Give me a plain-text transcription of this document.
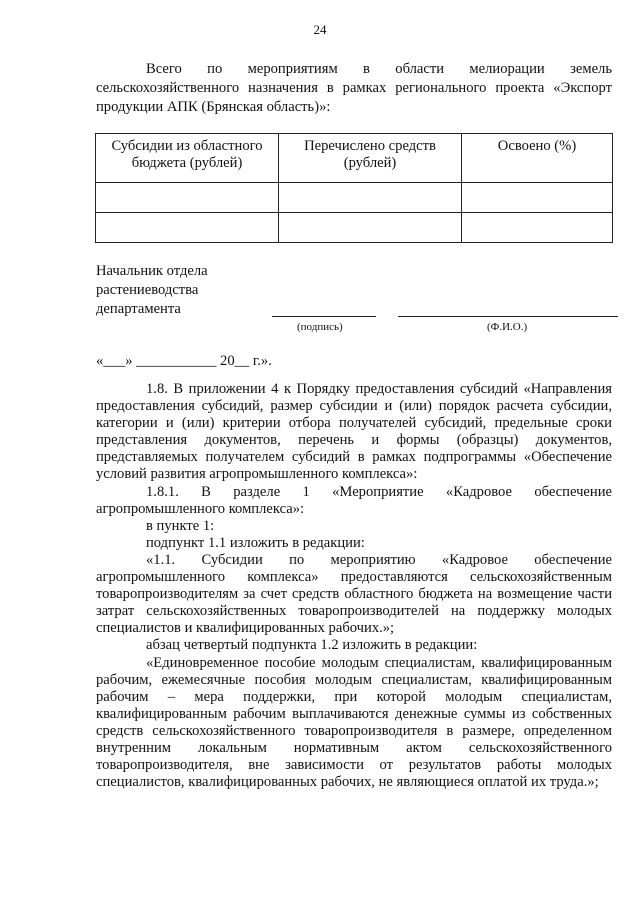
24

Всего по мероприятиям в области мелиорации земель сельскохозяйственного назначения в рамках регионального проекта «Экспорт продукции АПК (Брянская область)»:

Субсидии из областного бюджета (рублей)	Перечислено средств (рублей)	Освоено (%)

Начальник отдела
растениеводства
департамента
(подпись)	(Ф.И.О.)
«___» ___________ 20__ г.».

1.8. В приложении 4 к Порядку предоставления субсидий «Направления предоставления субсидий, размер субсидии и (или) порядок расчета субсидии, категории и (или) критерии отбора получателей субсидий, предельные сроки представления документов, перечень и формы (образцы) документов, представляемых получателем субсидий в рамках подпрограммы «Обеспечение условий развития агропромышленного комплекса»:

1.8.1. В разделе 1 «Мероприятие «Кадровое обеспечение агропромышленного комплекса»:

в пункте 1:

подпункт 1.1 изложить в редакции:

«1.1. Субсидии по мероприятию «Кадровое обеспечение агропромышленного комплекса» предоставляются сельскохозяйственным товаропроизводителям за счет средств областного бюджета на возмещение части затрат сельскохозяйственных товаропроизводителей на поддержку молодых специалистов и квалифицированных рабочих.»;

абзац четвертый подпункта 1.2 изложить в редакции:

«Единовременное пособие молодым специалистам, квалифицированным рабочим, ежемесячные пособия молодым специалистам, квалифицированным рабочим – мера поддержки, при которой молодым специалистам, квалифицированным рабочим выплачиваются денежные суммы из собственных средств сельскохозяйственного товаропроизводителя в размере, определенном внутренним локальным нормативным актом сельскохозяйственного товаропроизводителя, вне зависимости от результатов работы молодых специалистов, квалифицированных рабочих, не являющиеся оплатой их труда.»;
